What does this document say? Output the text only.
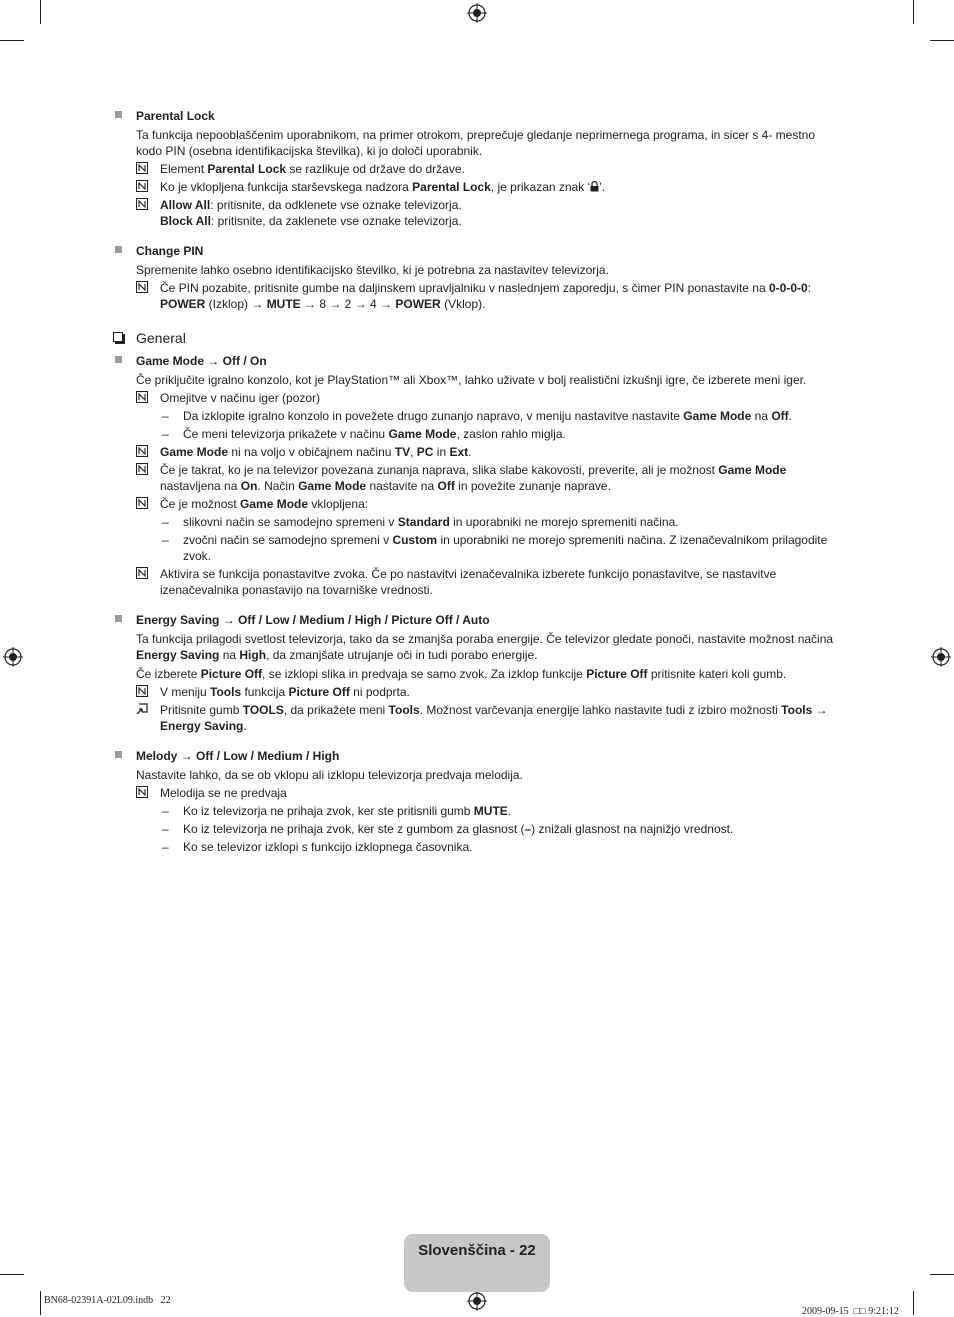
Parental Lock
Ta funkcija nepooblaščenim uporabnikom, na primer otrokom, preprečuje gledanje neprimernega programa, in sicer s 4- mestno kodo PIN (osebna identifikacijska številka), ki jo določi uporabnik.
Element Parental Lock se razlikuje od države do države.
Ko je vklopljena funkcija starševskega nadzora Parental Lock, je prikazan znak ‘ ’.
Allow All: pritisnite, da odklenete vse oznake televizorja.
Block All: pritisnite, da zaklenete vse oznake televizorja.
Change PIN
Spremenite lahko osebno identifikacijsko številko, ki je potrebna za nastavitev televizorja.
Če PIN pozabite, pritisnite gumbe na daljinskem upravljalniku v naslednjem zaporedju, s čimer PIN ponastavite na 0-0-0-0:
POWER (Izklop) → MUTE → 8 → 2 → 4 → POWER (Vklop).
General
Game Mode → Off / On
Če priključite igralno konzolo, kot je PlayStation™ ali Xbox™, lahko uživate v bolj realistični izkušnji igre, če izberete meni iger.
Omejitve v načinu iger (pozor)
– Da izklopite igralno konzolo in povežete drugo zunanjo napravo, v meniju nastavitve nastavite Game Mode na Off.
– Če meni televizorja prikažete v načinu Game Mode, zaslon rahlo miglja.
Game Mode ni na voljo v običajnem načinu TV, PC in Ext.
Če je takrat, ko je na televizor povezana zunanja naprava, slika slabe kakovosti, preverite, ali je možnost Game Mode nastavljena na On. Način Game Mode nastavite na Off in povežite zunanje naprave.
Če je možnost Game Mode vklopljena:
– slikovni način se samodejno spremeni v Standard in uporabniki ne morejo spremeniti načina.
– zvočni način se samodejno spremeni v Custom in uporabniki ne morejo spremeniti načina. Z izenačevalnikom prilagodite zvok.
Aktivira se funkcija ponastavitve zvoka. Če po nastavitvi izenačevalnika izberete funkcijo ponastavitve, se nastavitve izenačevalnika ponastavijo na tovarniške vrednosti.
Energy Saving → Off / Low / Medium / High / Picture Off / Auto
Ta funkcija prilagodi svetlost televizorja, tako da se zmanjša poraba energije. Če televizor gledate ponoči, nastavite možnost načina Energy Saving na High, da zmanjšate utrujanje oči in tudi porabo energije.
Če izberete Picture Off, se izklopi slika in predvaja se samo zvok. Za izklop funkcije Picture Off pritisnite kateri koli gumb.
V meniju Tools funkcija Picture Off ni podprta.
Pritisnite gumb TOOLS, da prikažete meni Tools. Možnost varčevanja energije lahko nastavite tudi z izbiro možnosti Tools →
Energy Saving.
Melody → Off / Low / Medium / High
Nastavite lahko, da se ob vklopu ali izklopu televizorja predvaja melodija.
Melodija se ne predvaja
– Ko iz televizorja ne prihaja zvok, ker ste pritisnili gumb MUTE.
– Ko iz televizorja ne prihaja zvok, ker ste z gumbom za glasnost (–) znižali glasnost na najnižjo vrednost.
– Ko se televizor izklopi s funkcijo izklopnega časovnika.
Slovenščina - 22
BN68-02391A-02L09.indb   22

2009-09-15 □□ 9:21:12
